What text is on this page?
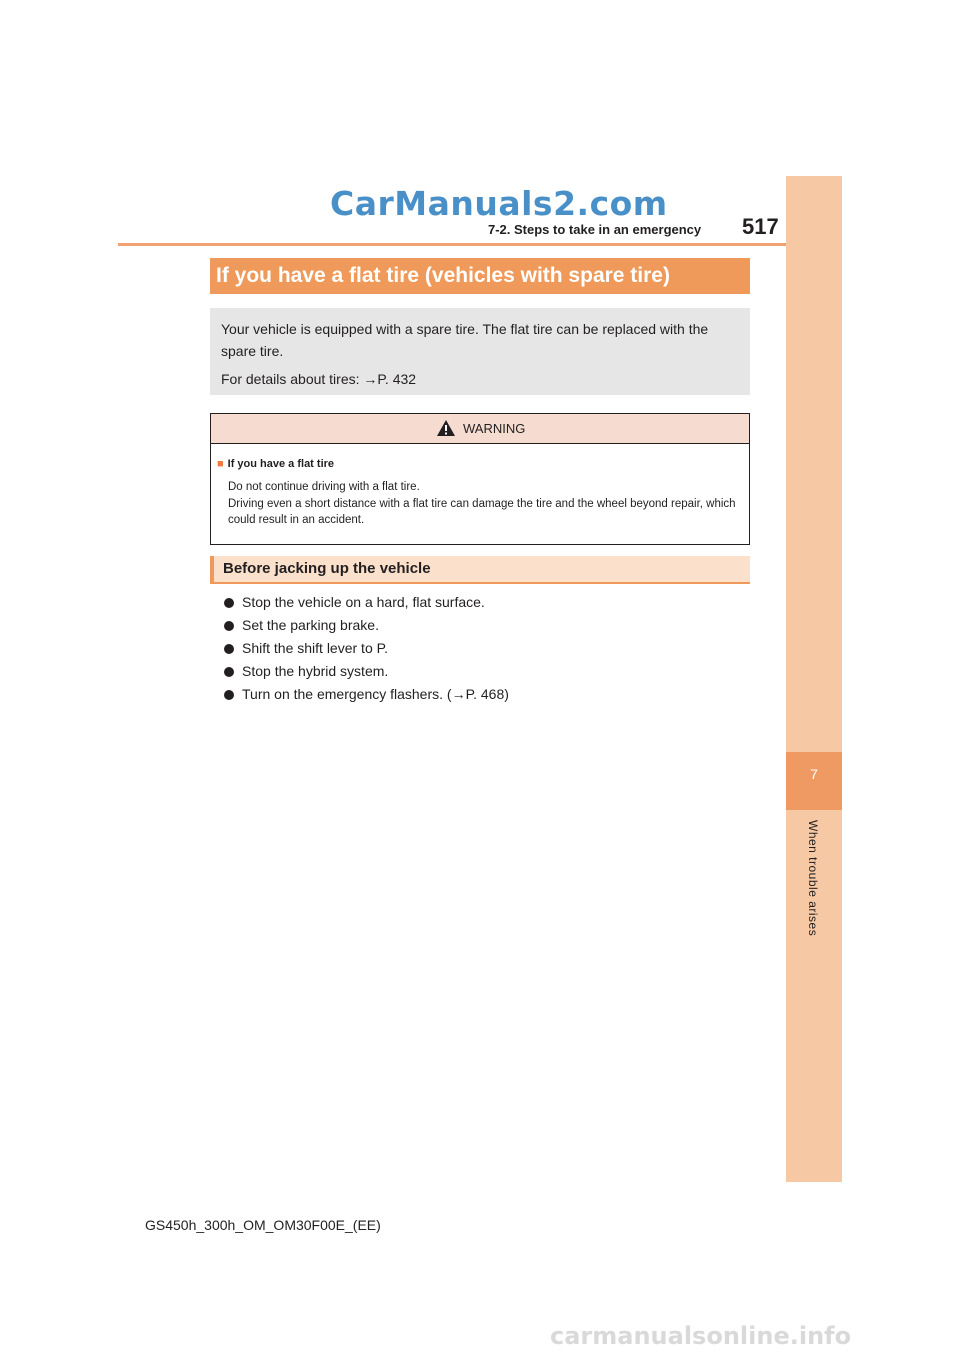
CarManuals2.com
7-2. Steps to take in an emergency 517
7
When trouble arises
If you have a flat tire (vehicles with spare tire)
Your vehicle is equipped with a spare tire. The flat tire can be replaced with the spare tire.
For details about tires: →P. 432
WARNING
■ If you have a flat tire
Do not continue driving with a flat tire.
Driving even a short distance with a flat tire can damage the tire and the wheel beyond repair, which could result in an accident.
Before jacking up the vehicle
Stop the vehicle on a hard, flat surface.
Set the parking brake.
Shift the shift lever to P.
Stop the hybrid system.
Turn on the emergency flashers. (→P. 468)
GS450h_300h_OM_OM30F00E_(EE)
carmanualsonline.info
